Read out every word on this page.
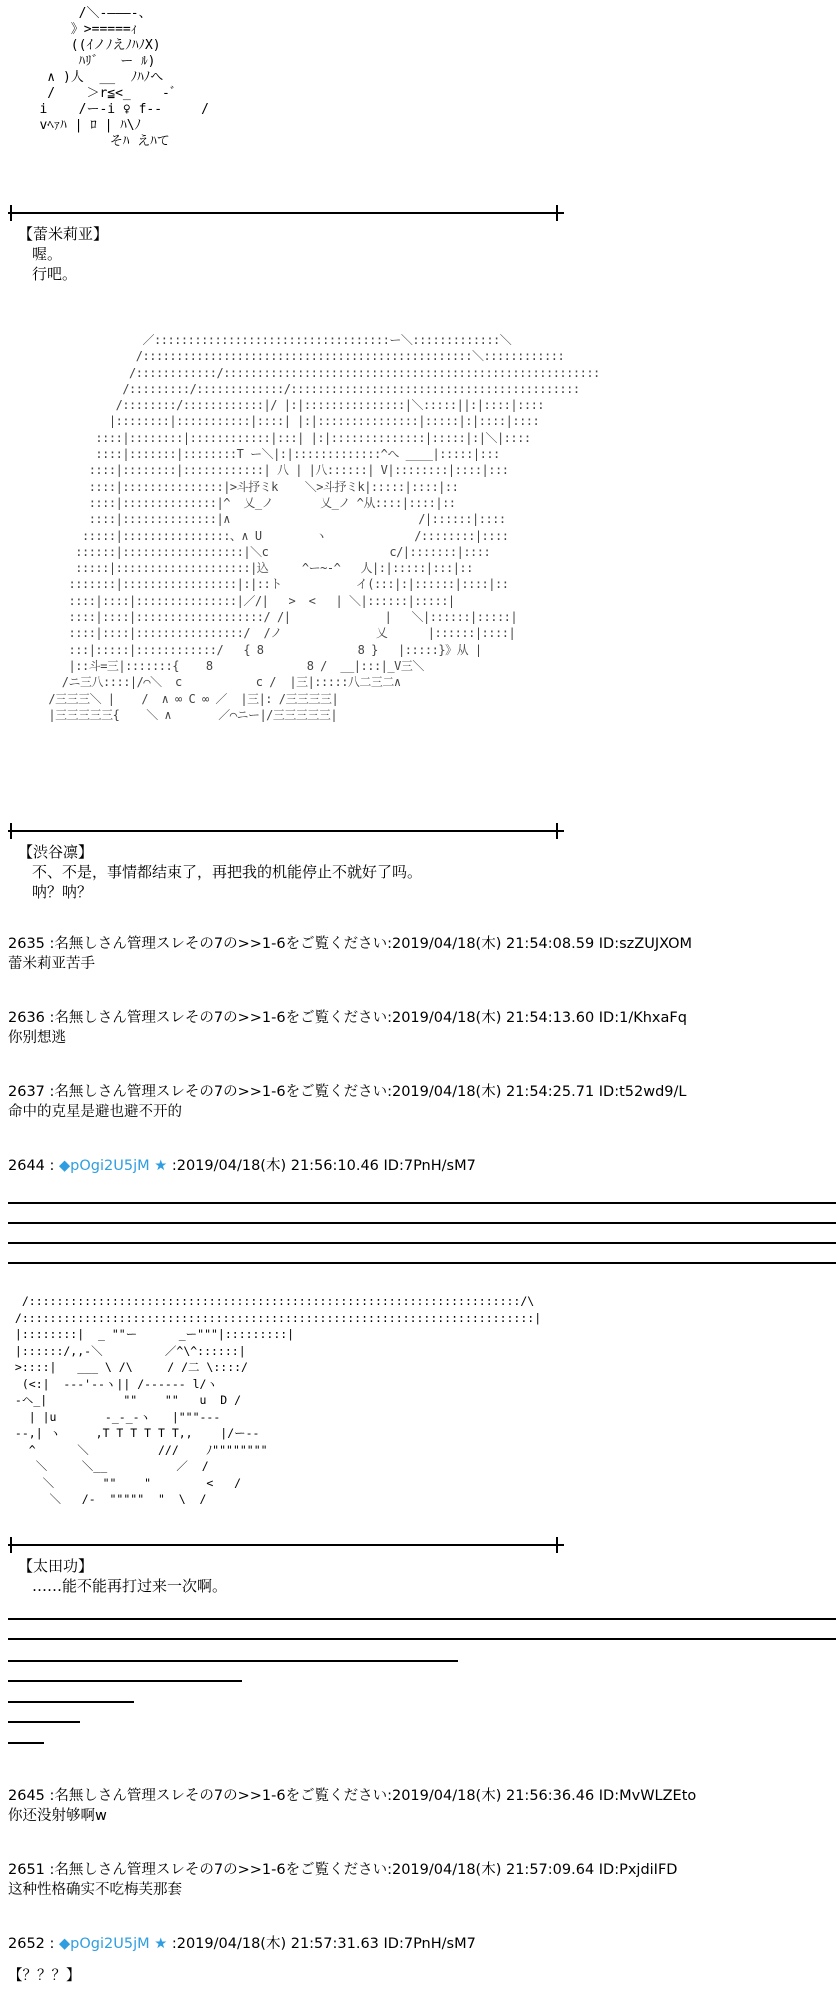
/＼-―――-、
》>=====ｨ
((ｲノﾉえﾉﾊﾉX)
ﾊﾘ゛  ー ﾙ)
∧ )人  __  ﾉﾊﾉへ
/    ＞r≦<_    -ﾞ
i    /ー-i ♀ f--     /
vﾍｧﾊ | ﾛ | ﾊ\ﾉ
そﾊ えﾊて
【蕾米莉亚】
喔。
行吧。
／:::::::::::::::::::::::::::::::::::ー＼:::::::::::::＼
/:::::::::::::::::::::::::::::::::::::::::::::::::＼::::::::::::
/::::::::::::/::::::::::::::::::::::::::::::::::::::::::::::::::::::::
/:::::::::/:::::::::::::/:::::::::::::::::::::::::::::::::::::::::::
/::::::::/::::::::::::|/ |:|:::::::::::::::|＼:::::||:|::::|::::
|::::::::|:::::::::::|::::| |:|:::::::::::::::|:::::|:|::::|::::
::::|::::::::|::::::::::::|:::| |:|::::::::::::::|:::::|:|＼|::::
::::|:::::::|::::::::T ー＼|:|:::::::::::::^へ ____|:::::|:::
::::|::::::::|::::::::::::| 八 | |八::::::| V|::::::::|::::|:::
::::|:::::::::::::::|>斗抒ミk    ＼>斗抒ミk|:::::|::::|::
::::|::::::::::::::|^  乂_ノ       乂_ノ ^从::::|::::|::
::::|::::::::::::::|∧                            /|::::::|::::
:::::|::::::::::::::::、∧ U        ヽ             /::::::::|::::
::::::|::::::::::::::::::|＼c                  c/|:::::::|::::
:::::|::::::::::::::::::::|込     ^ー~-^   人|:|:::::|:::|::
:::::::|:::::::::::::::::|:|::ト           イ(:::|:|::::::|::::|::
::::|::::|:::::::::::::::|／/|   >  <   | ＼|::::::|:::::|
::::|::::|:::::::::::::::::::/ /|              |   ＼|::::::|:::::|
::::|::::|::::::::::::::::/  /ノ              乂      |::::::|::::|
:::|:::::|::::::::::::/   { 8              8 }   |:::::}》从 |
|::斗=三|:::::::{    8              8 /  __|:::|_V三＼
/ニ三八::::|/⌒＼  c           c /  |三|:::::八二三二∧
/三三三＼ |    /  ∧ ∞ C ∞ ／  |三|: /三三三三|
|三三三三三{    ＼ ∧       ／⌒ニー|/三三三三三|
【渋谷凛】
不、不是，事情都结束了，再把我的机能停止不就好了吗。
呐？呐？
2635 :名無しさん管理スレその7の>>1-6をご覧ください:2019/04/18(木) 21:54:08.59 ID:szZUJXOM
蕾米莉亚苦手
2636 :名無しさん管理スレその7の>>1-6をご覧ください:2019/04/18(木) 21:54:13.60 ID:1/KhxaFq
你别想逃
2637 :名無しさん管理スレその7の>>1-6をご覧ください:2019/04/18(木) 21:54:25.71 ID:t52wd9/L
命中的克星是避也避不开的
2644 : ◆pOgi2U5jM ★ :2019/04/18(木) 21:56:10.46 ID:7PnH/sM7
/:::::::::::::::::::::::::::::::::::::::::::::::::::::::::::::::::::::::/\
/::::::::::::::::::::::::::::::::::::::::::::::::::::::::::::::::::::::::::|
|::::::::|  _ ""ー      _ー"""|:::::::::|
|::::::/,,-＼         ／^\^::::::|
>::::|   ___ \ /\     / /二 \::::/
(<:|  ---'--ヽ|| /------ l/ヽ
-ヘ_|           ""    ""   u  D /
| |u       -_-_-ヽ   |"""---
--,| ヽ     ,T T T T T T,,    |/ー--
^      ＼          ///    ﾉ""""""""
＼     ＼__          ／  /
＼       ""    "        <   /
＼   /-  """""  "  \  /
【太田功】
……能不能再打过来一次啊。
2645 :名無しさん管理スレその7の>>1-6をご覧ください:2019/04/18(木) 21:56:36.46 ID:MvWLZEto
你还没射够啊w
2651 :名無しさん管理スレその7の>>1-6をご覧ください:2019/04/18(木) 21:57:09.64 ID:PxjdiIFD
这种性格确实不吃梅芙那套
2652 : ◆pOgi2U5jM ★ :2019/04/18(木) 21:57:31.63 ID:7PnH/sM7
【？？？】
